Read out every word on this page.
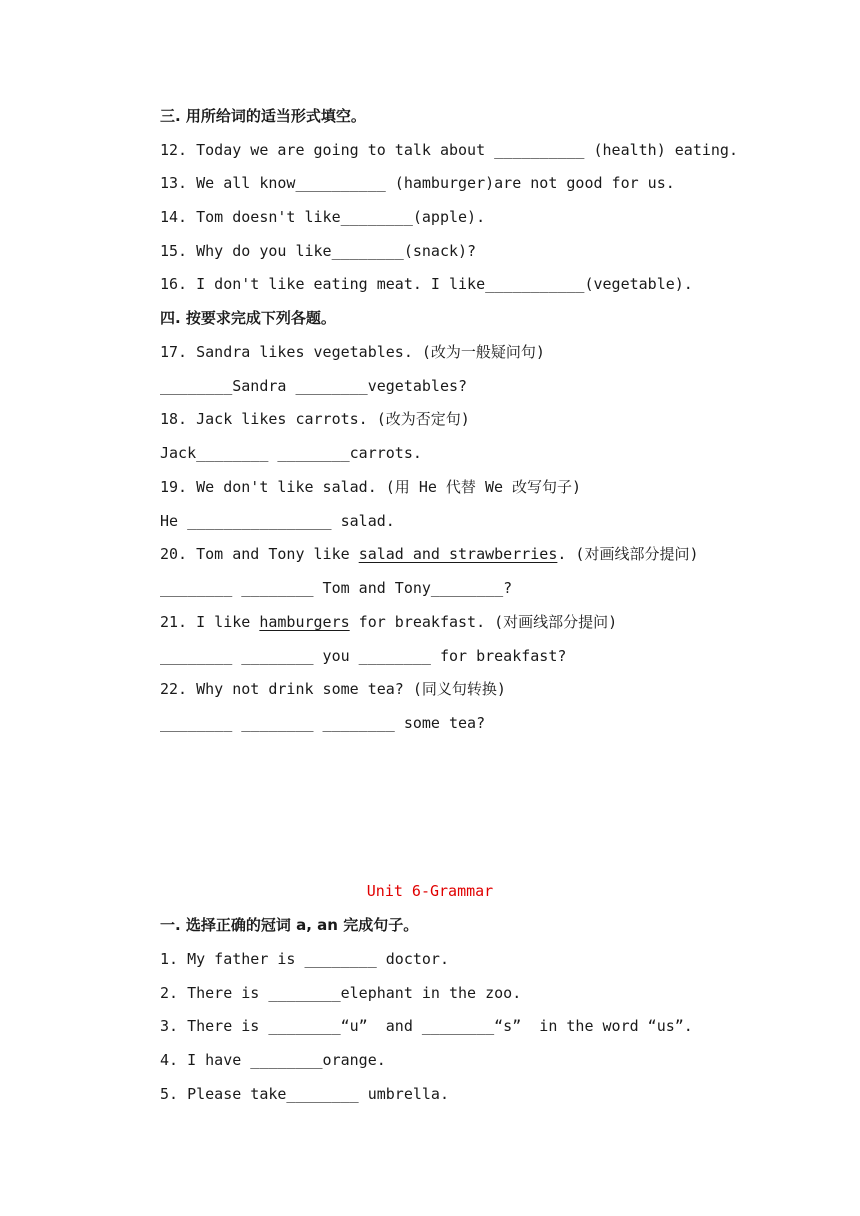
三. 用所给词的适当形式填空。
12. Today we are going to talk about __________ (health) eating.
13. We all know__________ (hamburger)are not good for us.
14. Tom doesn't like________(apple).
15. Why do you like________(snack)?
16. I don't like eating meat. I like___________(vegetable).
四. 按要求完成下列各题。
17. Sandra likes vegetables. (改为一般疑问句)
________Sandra ________vegetables?
18. Jack likes carrots. (改为否定句)
Jack________ ________carrots.
19. We don't like salad. (用 He 代替 We 改写句子)
He ________________ salad.
20. Tom and Tony like salad and strawberries. (对画线部分提问)
________ ________ Tom and Tony________?
21. I like hamburgers for breakfast. (对画线部分提问)
________ ________ you ________ for breakfast?
22. Why not drink some tea? (同义句转换)
________ ________ ________ some tea?
Unit 6-Grammar
一. 选择正确的冠词 a, an 完成句子。
1. My father is ________ doctor.
2. There is ________elephant in the zoo.
3. There is ________“u”  and ________“s”  in the word “us”.
4. I have ________orange.
5. Please take________ umbrella.
